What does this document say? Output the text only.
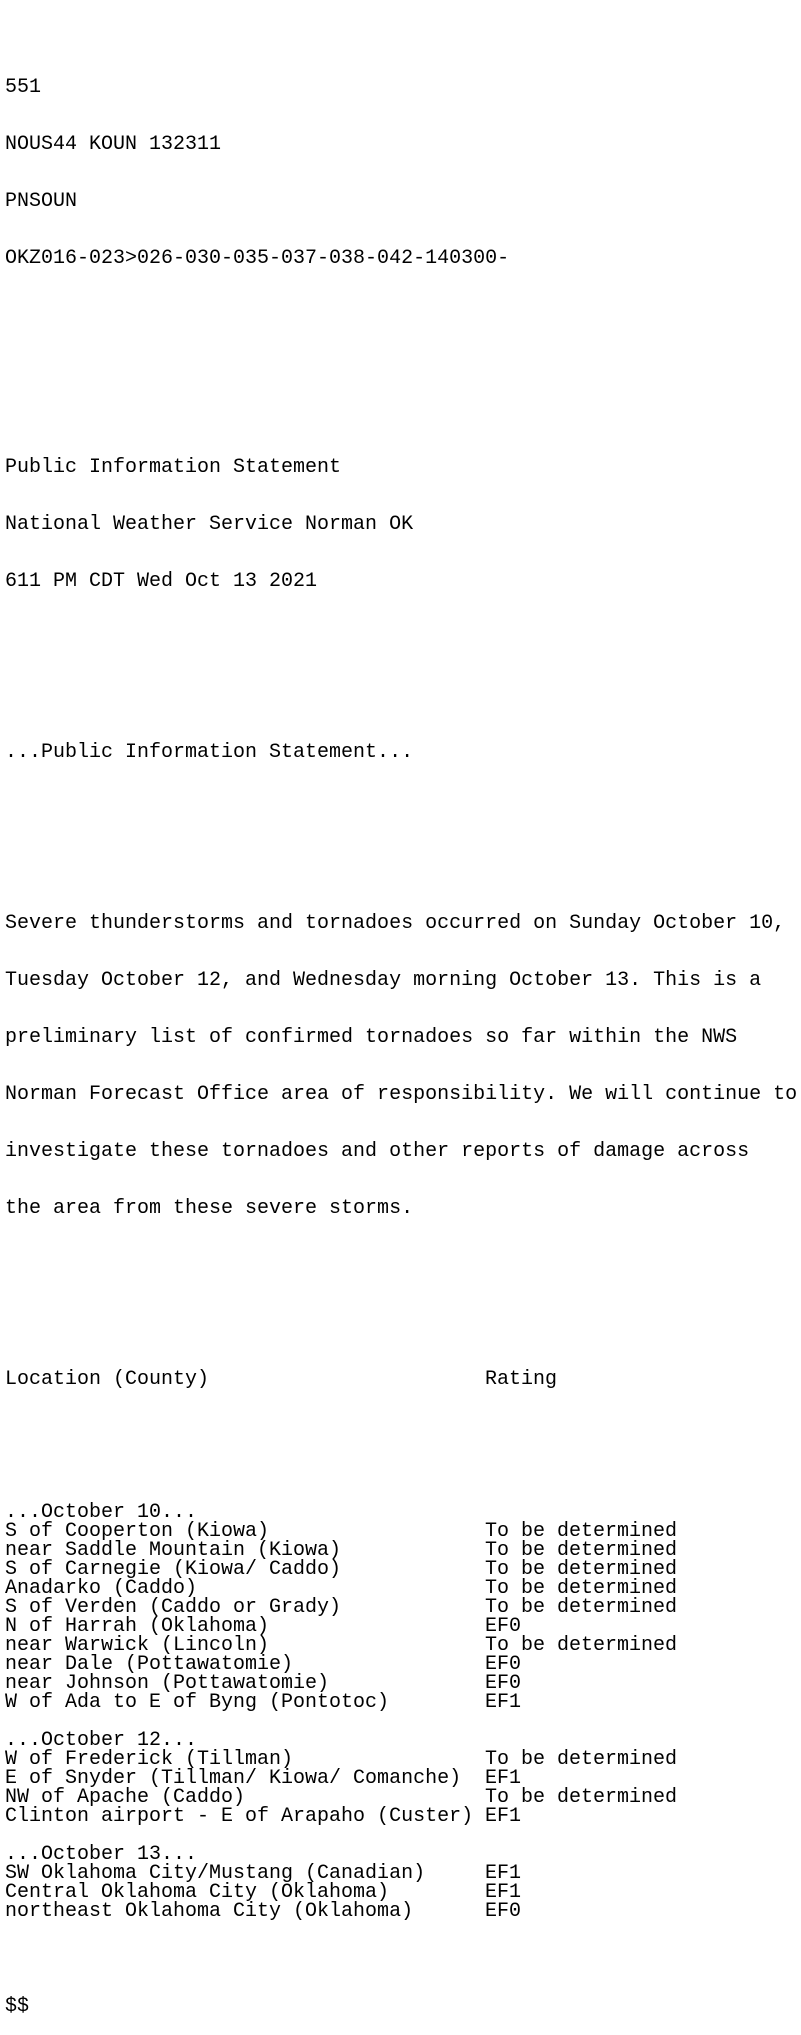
551

NOUS44 KOUN 132311

PNSOUN

OKZ016-023>026-030-035-037-038-042-140300-

Public Information Statement

National Weather Service Norman OK

611 PM CDT Wed Oct 13 2021

...Public Information Statement...

Severe thunderstorms and tornadoes occurred on Sunday October 10,

Tuesday October 12, and Wednesday morning October 13. This is a

preliminary list of confirmed tornadoes so far within the NWS

Norman Forecast Office area of responsibility. We will continue to

investigate these tornadoes and other reports of damage across

the area from these severe storms.

Location (County)	Rating

...October 10...
S of Cooperton (Kiowa)	To be determined
near Saddle Mountain (Kiowa)	To be determined
S of Carnegie (Kiowa/ Caddo)	To be determined
Anadarko (Caddo)	To be determined
S of Verden (Caddo or Grady)	To be determined
N of Harrah (Oklahoma)	EF0
near Warwick (Lincoln)	To be determined
near Dale (Pottawatomie)	EF0
near Johnson (Pottawatomie)	EF0
W of Ada to E of Byng (Pontotoc)	EF1
...October 12...
W of Frederick (Tillman)	To be determined
E of Snyder (Tillman/ Kiowa/ Comanche)	EF1
NW of Apache (Caddo)	To be determined
Clinton airport - E of Arapaho (Custer) EF1
...October 13...
SW Oklahoma City/Mustang (Canadian)	EF1
Central Oklahoma City (Oklahoma)	EF1
northeast Oklahoma City (Oklahoma)	EF0

$$
